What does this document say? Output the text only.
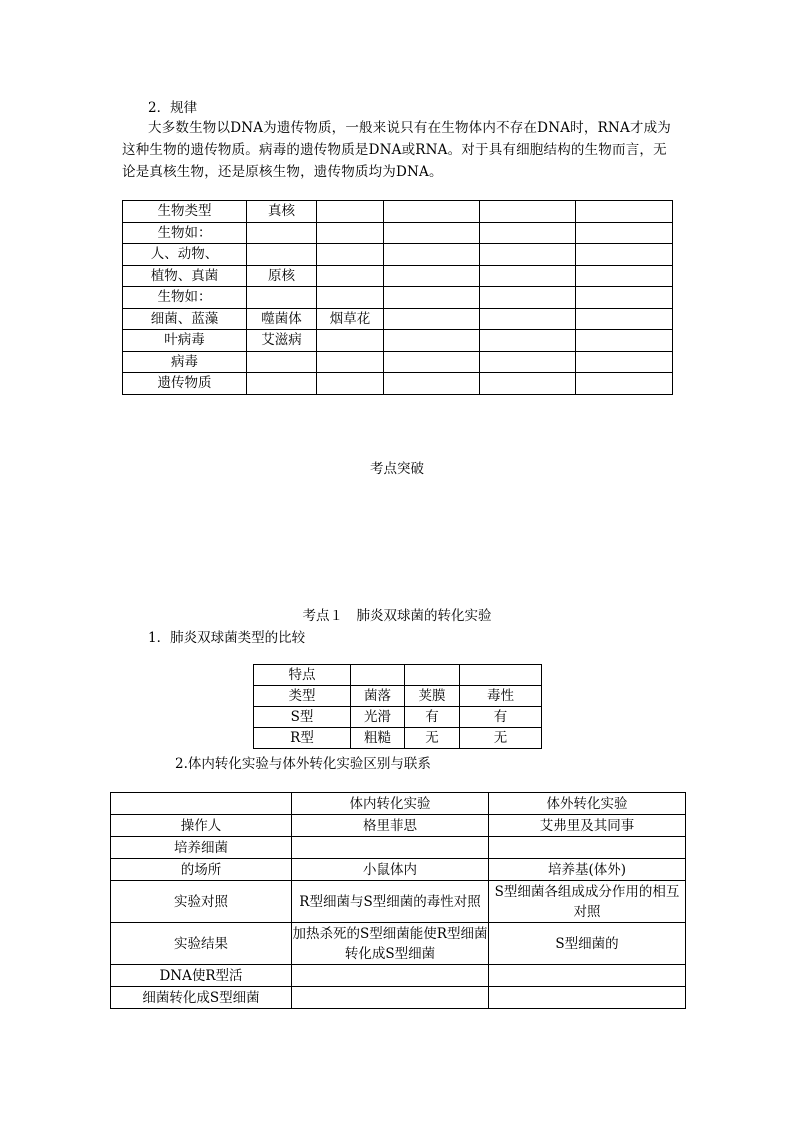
2．规律

大多数生物以DNA为遗传物质，一般来说只有在生物体内不存在DNA时，RNA才成为这种生物的遗传物质。病毒的遗传物质是DNA或RNA。对于具有细胞结构的生物而言，无论是真核生物，还是原核生物，遗传物质均为DNA。

生物类型	真核				
生物如：					
人、动物、					
植物、真菌	原核				
生物如：					
细菌、蓝藻	噬菌体	烟草花			
叶病毒	艾滋病				
病毒					
遗传物质					

考点突破

考点１　肺炎双球菌的转化实验

1．肺炎双球菌类型的比较

特点			
类型	菌落	荚膜	毒性
S型	光滑	有	有
R型	粗糙	无	无

2.体内转化实验与体外转化实验区别与联系

	体内转化实验	体外转化实验
操作人	格里菲思	艾弗里及其同事
培养细菌		
的场所	小鼠体内	培养基(体外)
实验对照	R型细菌与S型细菌的毒性对照	S型细菌各组成成分作用的相互对照
实验结果	加热杀死的S型细菌能使R型细菌转化成S型细菌	S型细菌的
DNA使R型活		
细菌转化成S型细菌		
